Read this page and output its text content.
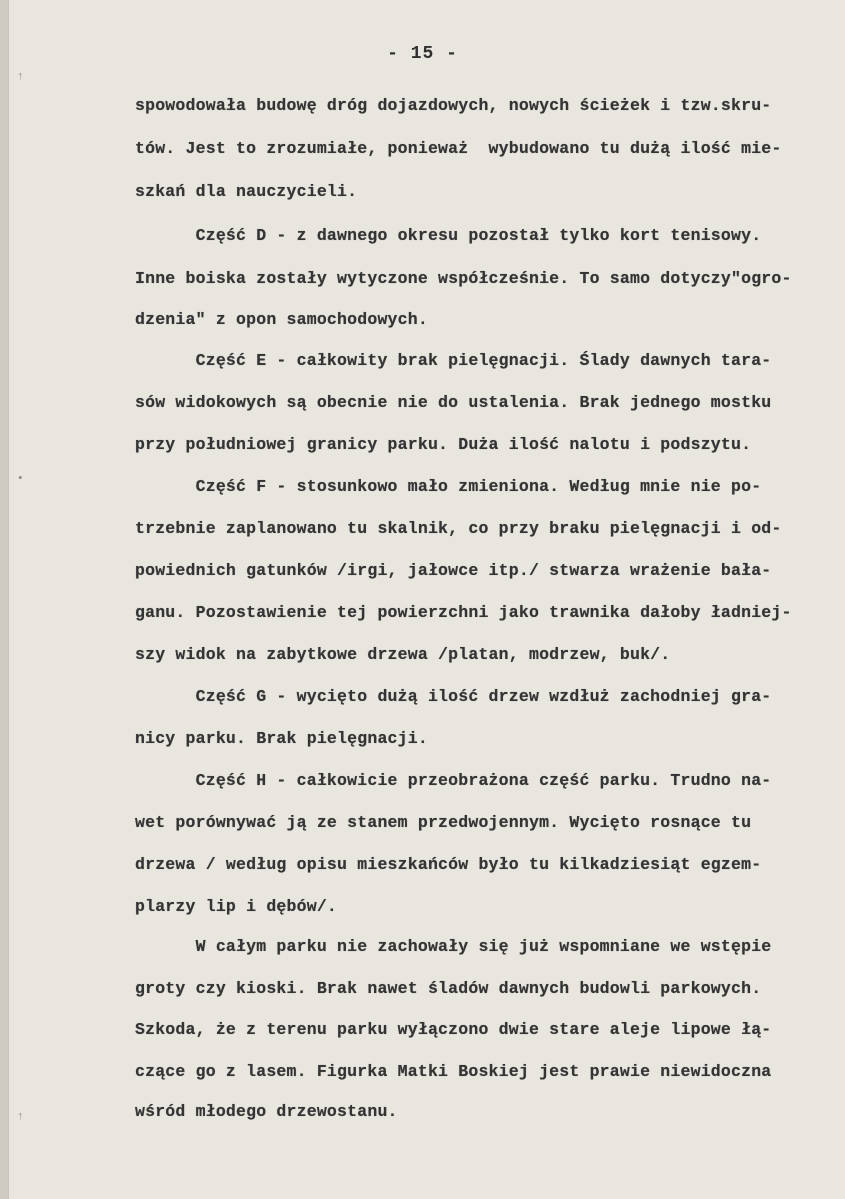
↑
•
↑
- 15 -
spowodowała budowę dróg dojazdowych, nowych ścieżek i tzw.skru-
tów. Jest to zrozumiałe, ponieważ  wybudowano tu dużą ilość mie-
szkań dla nauczycieli.
Część D - z dawnego okresu pozostał tylko kort tenisowy.
Inne boiska zostały wytyczone współcześnie. To samo dotyczy"ogro-
dzenia" z opon samochodowych.
Część E - całkowity brak pielęgnacji. Ślady dawnych tara-
sów widokowych są obecnie nie do ustalenia. Brak jednego mostku
przy południowej granicy parku. Duża ilość nalotu i podszytu.
Część F - stosunkowo mało zmieniona. Według mnie nie po-
trzebnie zaplanowano tu skalnik, co przy braku pielęgnacji i od-
powiednich gatunków /irgi, jałowce itp./ stwarza wrażenie bała-
ganu. Pozostawienie tej powierzchni jako trawnika dałoby ładniej-
szy widok na zabytkowe drzewa /platan, modrzew, buk/.
Część G - wycięto dużą ilość drzew wzdłuż zachodniej gra-
nicy parku. Brak pielęgnacji.
Część H - całkowicie przeobrażona część parku. Trudno na-
wet porównywać ją ze stanem przedwojennym. Wycięto rosnące tu
drzewa / według opisu mieszkańców było tu kilkadziesiąt egzem-
plarzy lip i dębów/.
W całym parku nie zachowały się już wspomniane we wstępie
groty czy kioski. Brak nawet śladów dawnych budowli parkowych.
Szkoda, że z terenu parku wyłączono dwie stare aleje lipowe łą-
czące go z lasem. Figurka Matki Boskiej jest prawie niewidoczna
wśród młodego drzewostanu.
